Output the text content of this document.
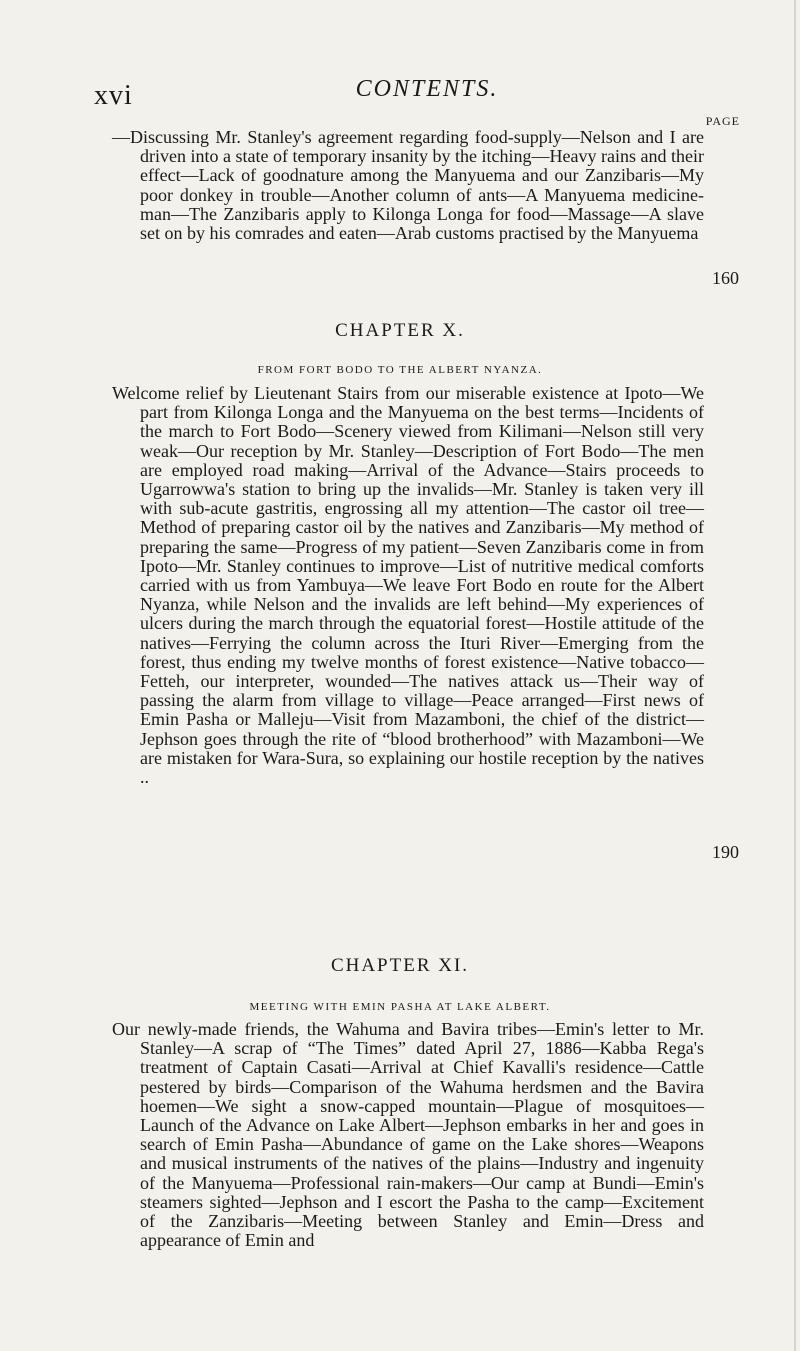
xvi	CONTENTS.
PAGE
—Discussing Mr. Stanley's agreement regarding food-supply—Nelson and I are driven into a state of temporary insanity by the itching—Heavy rains and their effect—Lack of goodnature among the Manyuema and our Zanzibaris—My poor donkey in trouble—Another column of ants—A Manyuema medicine-man—The Zanzibaris apply to Kilonga Longa for food—Massage—A slave set on by his comrades and eaten—Arab customs practised by the Manyuema
160
CHAPTER X.
FROM FORT BODO TO THE ALBERT NYANZA.
Welcome relief by Lieutenant Stairs from our miserable existence at Ipoto—We part from Kilonga Longa and the Manyuema on the best terms—Incidents of the march to Fort Bodo—Scenery viewed from Kilimani—Nelson still very weak—Our reception by Mr. Stanley—Description of Fort Bodo—The men are employed road making—Arrival of the Advance—Stairs proceeds to Ugarrowwa's station to bring up the invalids—Mr. Stanley is taken very ill with sub-acute gastritis, engrossing all my attention—The castor oil tree—Method of preparing castor oil by the natives and Zanzibaris—My method of preparing the same—Progress of my patient—Seven Zanzibaris come in from Ipoto—Mr. Stanley continues to improve—List of nutritive medical comforts carried with us from Yambuya—We leave Fort Bodo en route for the Albert Nyanza, while Nelson and the invalids are left behind—My experiences of ulcers during the march through the equatorial forest—Hostile attitude of the natives—Ferrying the column across the Ituri River—Emerging from the forest, thus ending my twelve months of forest existence—Native tobacco—Fetteh, our interpreter, wounded—The natives attack us—Their way of passing the alarm from village to village—Peace arranged—First news of Emin Pasha or Malleju—Visit from Mazamboni, the chief of the district—Jephson goes through the rite of “blood brotherhood” with Mazamboni—We are mistaken for Wara-Sura, so explaining our hostile reception by the natives ..
190
CHAPTER XI.
MEETING WITH EMIN PASHA AT LAKE ALBERT.
Our newly-made friends, the Wahuma and Bavira tribes—Emin's letter to Mr. Stanley—A scrap of “The Times” dated April 27, 1886—Kabba Rega's treatment of Captain Casati—Arrival at Chief Kavalli's residence—Cattle pestered by birds—Comparison of the Wahuma herdsmen and the Bavira hoemen—We sight a snow-capped mountain—Plague of mosquitoes—Launch of the Advance on Lake Albert—Jephson embarks in her and goes in search of Emin Pasha—Abundance of game on the Lake shores—Weapons and musical instruments of the natives of the plains—Industry and ingenuity of the Manyuema—Professional rain-makers—Our camp at Bundi—Emin's steamers sighted—Jephson and I escort the Pasha to the camp—Excitement of the Zanzibaris—Meeting between Stanley and Emin—Dress and appearance of Emin and
